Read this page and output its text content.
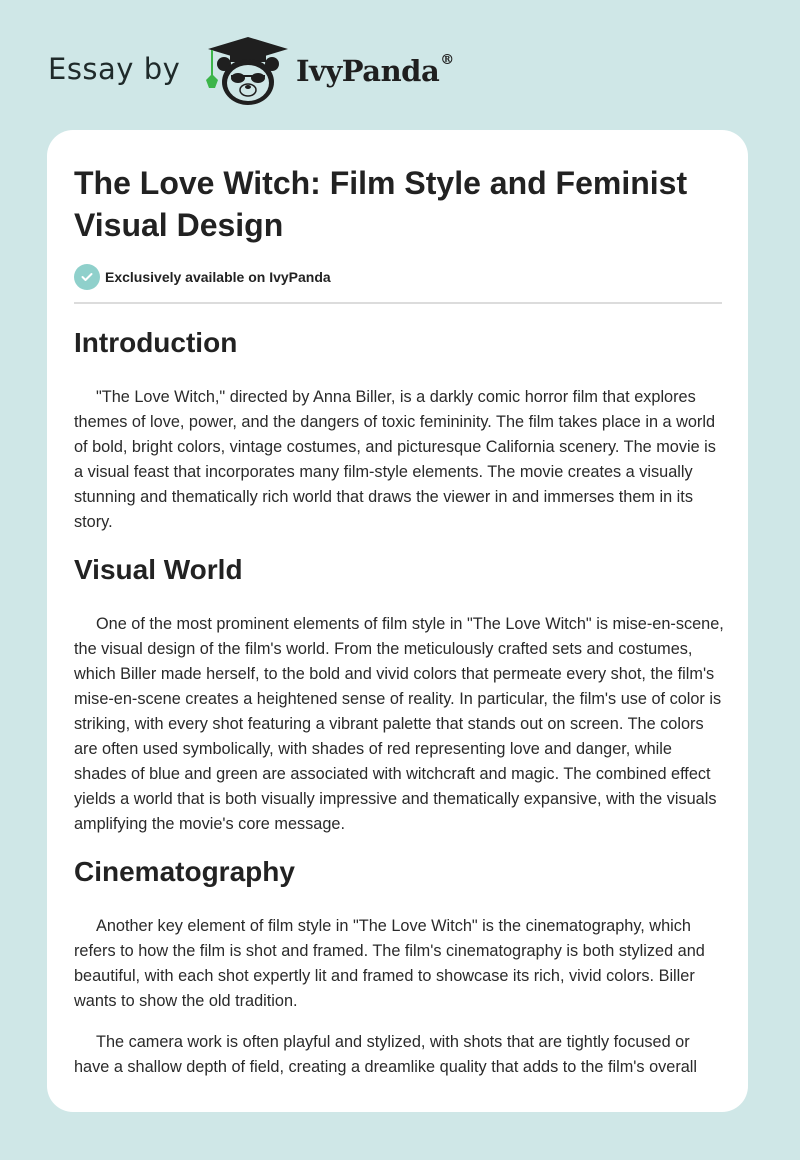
Essay by	IvyPanda®
The Love Witch: Film Style and Feminist Visual Design
Exclusively available on IvyPanda
Introduction

"The Love Witch," directed by Anna Biller, is a darkly comic horror film that explores themes of love, power, and the dangers of toxic femininity. The film takes place in a world of bold, bright colors, vintage costumes, and picturesque California scenery. The movie is a visual feast that incorporates many film-style elements. The movie creates a visually stunning and thematically rich world that draws the viewer in and immerses them in its story.

Visual World

One of the most prominent elements of film style in "The Love Witch" is mise-en-scene, the visual design of the film's world. From the meticulously crafted sets and costumes, which Biller made herself, to the bold and vivid colors that permeate every shot, the film's mise-en-scene creates a heightened sense of reality. In particular, the film's use of color is striking, with every shot featuring a vibrant palette that stands out on screen. The colors are often used symbolically, with shades of red representing love and danger, while shades of blue and green are associated with witchcraft and magic. The combined effect yields a world that is both visually impressive and thematically expansive, with the visuals amplifying the movie's core message.

Cinematography

Another key element of film style in "The Love Witch" is the cinematography, which refers to how the film is shot and framed. The film's cinematography is both stylized and beautiful, with each shot expertly lit and framed to showcase its rich, vivid colors. Biller wants to show the old tradition.

The camera work is often playful and stylized, with shots that are tightly focused or have a shallow depth of field, creating a dreamlike quality that adds to the film's overall
